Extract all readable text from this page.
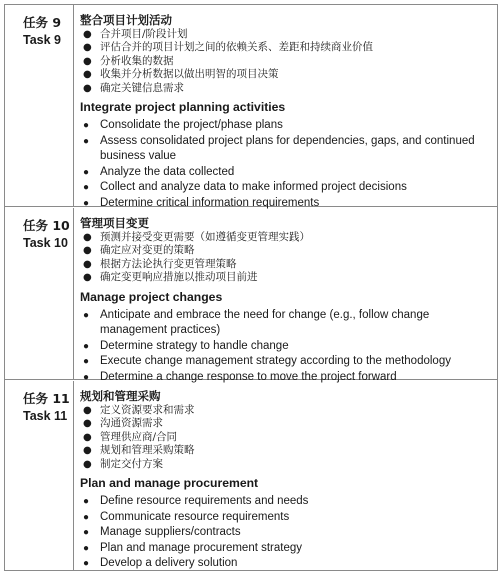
任务 9
Task 9
整合项目计划活动
● 合并项目/阶段计划
● 评估合并的项目计划之间的依赖关系、差距和持续商业价值
● 分析收集的数据
● 收集并分析数据以做出明智的项目决策
● 确定关键信息需求
Integrate project planning activities
● Consolidate the project/phase plans
● Assess consolidated project plans for dependencies, gaps, and continued business value
● Analyze the data collected
● Collect and analyze data to make informed project decisions
● Determine critical information requirements
任务 10
Task 10
管理项目变更
● 预测并接受变更需要（如遵循变更管理实践）
● 确定应对变更的策略
● 根据方法论执行变更管理策略
● 确定变更响应措施以推动项目前进
Manage project changes
● Anticipate and embrace the need for change (e.g., follow change management practices)
● Determine strategy to handle change
● Execute change management strategy according to the methodology
● Determine a change response to move the project forward
任务 11
Task 11
规划和管理采购
● 定义资源要求和需求
● 沟通资源需求
● 管理供应商/合同
● 规划和管理采购策略
● 制定交付方案
Plan and manage procurement
● Define resource requirements and needs
● Communicate resource requirements
● Manage suppliers/contracts
● Plan and manage procurement strategy
● Develop a delivery solution
